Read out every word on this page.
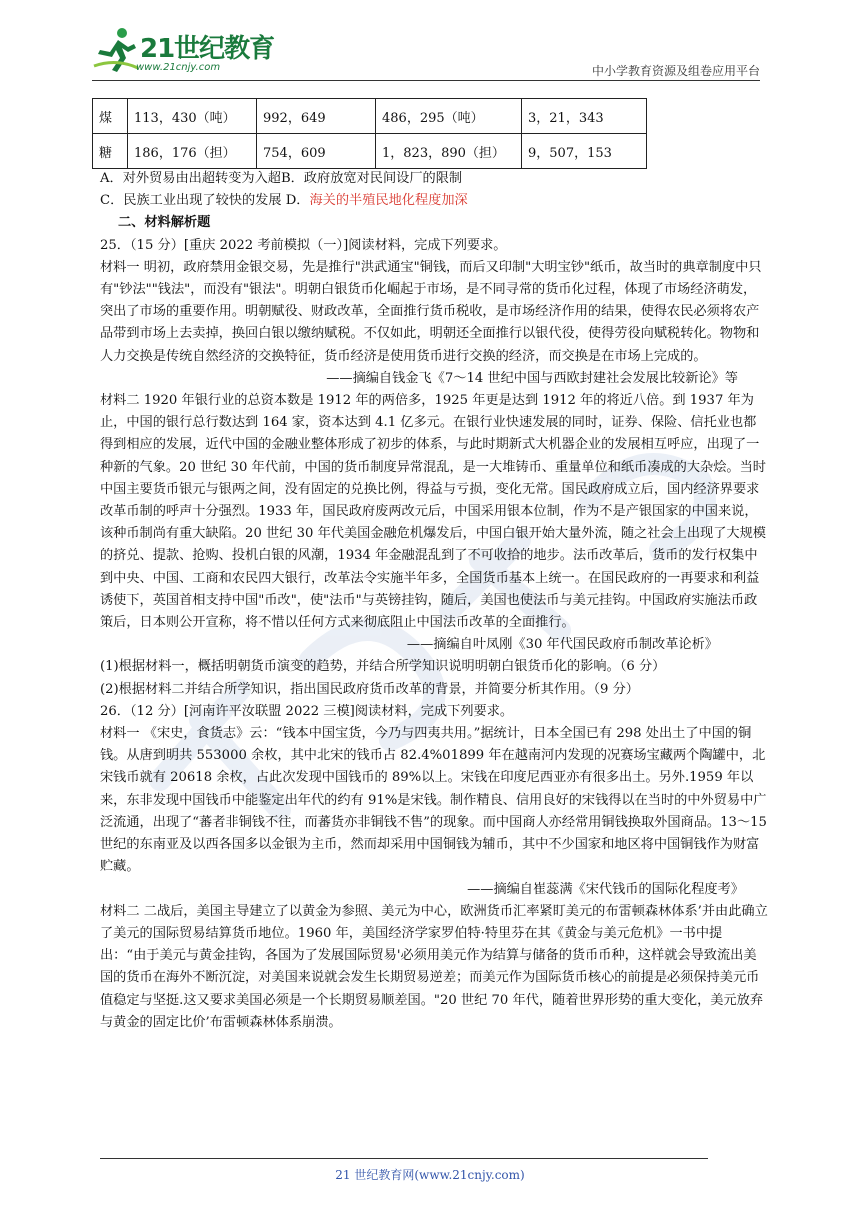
21世纪教育
www.21cnjy.com	中小学教育资源及组卷应用平台
煤	113，430（吨）	992，649	486，295（吨）	3，21，343
糖	186，176（担）	754，609	1，823，890（担）	9，507，153

A．对外贸易由出超转变为入超B．政府放宽对民间设厂的限制

C．民族工业出现了较快的发展 D．海关的半殖民地化程度加深

二、材料解析题

25．（15 分）[重庆 2022 考前模拟（一）]阅读材料，完成下列要求。

材料一 明初，政府禁用金银交易，先是推行"洪武通宝"铜钱，而后又印制"大明宝钞"纸币，故当时的典章制度中只有"钞法""钱法"，而没有"银法"。明朝白银货币化崛起于市场，是不同寻常的货币化过程，体现了市场经济萌发，突出了市场的重要作用。明朝赋役、财政改革，全面推行货币税收，是市场经济作用的结果，使得农民必须将农产品带到市场上去卖掉，换回白银以缴纳赋税。不仅如此，明朝还全面推行以银代役，使得劳役向赋税转化。物物和人力交换是传统自然经济的交换特征，货币经济是使用货币进行交换的经济，而交换是在市场上完成的。

——摘编自钱金飞《7～14 世纪中国与西欧封建社会发展比较新论》等

材料二 1920 年银行业的总资本数是 1912 年的两倍多，1925 年更是达到 1912 年的将近八倍。到 1937 年为止，中国的银行总行数达到 164 家，资本达到 4.1 亿多元。在银行业快速发展的同时，证券、保险、信托业也都得到相应的发展，近代中国的金融业整体形成了初步的体系，与此时期新式大机器企业的发展相互呼应，出现了一种新的气象。20 世纪 30 年代前，中国的货币制度异常混乱，是一大堆铸币、重量单位和纸币凑成的大杂烩。当时中国主要货币银元与银两之间，没有固定的兑换比例，得益与亏损，变化无常。国民政府成立后，国内经济界要求改革币制的呼声十分强烈。1933 年，国民政府废两改元后，中国采用银本位制，作为不是产银国家的中国来说，该种币制尚有重大缺陷。20 世纪 30 年代美国金融危机爆发后，中国白银开始大量外流，随之社会上出现了大规模的挤兑、提款、抢购、投机白银的风潮，1934 年金融混乱到了不可收拾的地步。法币改革后，货币的发行权集中到中央、中国、工商和农民四大银行，改革法令实施半年多，全国货币基本上统一。在国民政府的一再要求和利益诱使下，英国首相支持中国"币改"，使"法币"与英镑挂钩，随后，美国也使法币与美元挂钩。中国政府实施法币政策后，日本则公开宣称，将不惜以任何方式来彻底阻止中国法币改革的全面推行。

——摘编自叶凤刚《30 年代国民政府币制改革论析》

(1)根据材料一，概括明朝货币演变的趋势，并结合所学知识说明明朝白银货币化的影响。（6 分）

(2)根据材料二并结合所学知识，指出国民政府货币改革的背景，并简要分析其作用。（9 分）

26．（12 分）[河南许平汝联盟 2022 三模]阅读材料，完成下列要求。

材料一 《宋史，食货志》云：“钱本中国宝货，今乃与四夷共用。”据统计，日本全国已有 298 处出土了中国的铜钱。从唐到明共 553000 余枚，其中北宋的钱币占 82.4%01899 年在越南河内发现的况赛场宝藏两个陶罐中，北宋钱币就有 20618 余枚，占此次发现中国钱币的 89%以上。宋钱在印度尼西亚亦有很多出土。另外.1959 年以来，东非发现中国钱币中能鉴定出年代的约有 91%是宋钱。制作精良、信用良好的宋钱得以在当时的中外贸易中广泛流通，出现了“蕃者非铜钱不往，而蕃货亦非铜钱不售”的现象。而中国商人亦经常用铜钱换取外国商品。13～15 世纪的东南亚及以西各国多以金银为主币，然而却采用中国铜钱为辅币，其中不少国家和地区将中国铜钱作为财富贮藏。

——摘编自崔蕊满《宋代钱币的国际化程度考》

材料二 二战后，美国主导建立了以黄金为参照、美元为中心，欧洲货币汇率紧盯美元的布雷顿森林体系’并由此确立了美元的国际贸易结算货币地位。1960 年，美国经济学家罗伯特·特里芬在其《黄金与美元危机》一书中提出：“由于美元与黄金挂钩，各国为了发展国际贸易'必须用美元作为结算与储备的货币币种，这样就会导致流出美国的货币在海外不断沉淀，对美国来说就会发生长期贸易逆差；而美元作为国际货币核心的前提是必须保持美元币值稳定与坚挺.这又要求美国必须是一个长期贸易顺差国。"20 世纪 70 年代，随着世界形势的重大变化，美元放弃与黄金的固定比价’布雷顿森林体系崩溃。

21 世纪教育网(www.21cnjy.com)
